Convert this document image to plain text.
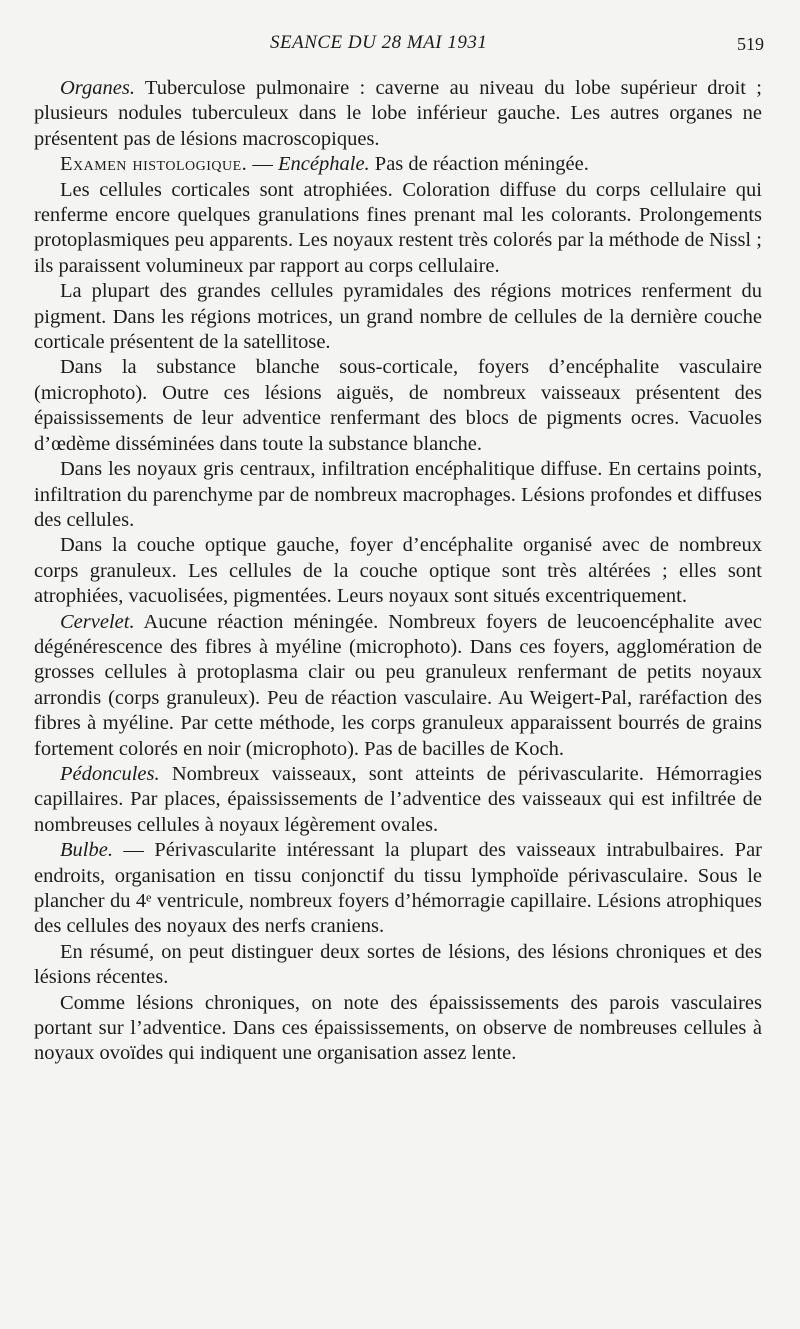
SEANCE DU 28 MAI 1931	519

Organes. Tuberculose pulmonaire : caverne au niveau du lobe supérieur droit ; plusieurs nodules tuberculeux dans le lobe inférieur gauche. Les autres organes ne présentent pas de lésions macroscopiques.

Examen histologique. — Encéphale. Pas de réaction méningée.

Les cellules corticales sont atrophiées. Coloration diffuse du corps cellulaire qui renferme encore quelques granulations fines prenant mal les colorants. Prolongements protoplasmiques peu apparents. Les noyaux restent très colorés par la méthode de Nissl ; ils paraissent volumineux par rapport au corps cellulaire.

La plupart des grandes cellules pyramidales des régions motrices renferment du pigment. Dans les régions motrices, un grand nombre de cellules de la dernière couche corticale présentent de la satellitose.

Dans la substance blanche sous-corticale, foyers d’encéphalite vasculaire (microphoto). Outre ces lésions aiguës, de nombreux vaisseaux présentent des épaississements de leur adventice renfermant des blocs de pigments ocres. Vacuoles d’œdème disséminées dans toute la substance blanche.

Dans les noyaux gris centraux, infiltration encéphalitique diffuse. En certains points, infiltration du parenchyme par de nombreux macrophages. Lésions profondes et diffuses des cellules.

Dans la couche optique gauche, foyer d’encéphalite organisé avec de nombreux corps granuleux. Les cellules de la couche optique sont très altérées ; elles sont atrophiées, vacuolisées, pigmentées. Leurs noyaux sont situés excentriquement.

Cervelet. Aucune réaction méningée. Nombreux foyers de leucoencéphalite avec dégénérescence des fibres à myéline (microphoto). Dans ces foyers, agglomération de grosses cellules à protoplasma clair ou peu granuleux renfermant de petits noyaux arrondis (corps granuleux). Peu de réaction vasculaire. Au Weigert-Pal, raréfaction des fibres à myéline. Par cette méthode, les corps granuleux apparaissent bourrés de grains fortement colorés en noir (microphoto). Pas de bacilles de Koch.

Pédoncules. Nombreux vaisseaux, sont atteints de périvascularite. Hémorragies capillaires. Par places, épaississements de l’adventice des vaisseaux qui est infiltrée de nombreuses cellules à noyaux légèrement ovales.

Bulbe. — Périvascularite intéressant la plupart des vaisseaux intrabulbaires. Par endroits, organisation en tissu conjonctif du tissu lymphoïde périvasculaire. Sous le plancher du 4ᵉ ventricule, nombreux foyers d’hémorragie capillaire. Lésions atrophiques des cellules des noyaux des nerfs craniens.

En résumé, on peut distinguer deux sortes de lésions, des lésions chroniques et des lésions récentes.

Comme lésions chroniques, on note des épaississements des parois vasculaires portant sur l’adventice. Dans ces épaississements, on observe de nombreuses cellules à noyaux ovoïdes qui indiquent une organisation assez lente.
